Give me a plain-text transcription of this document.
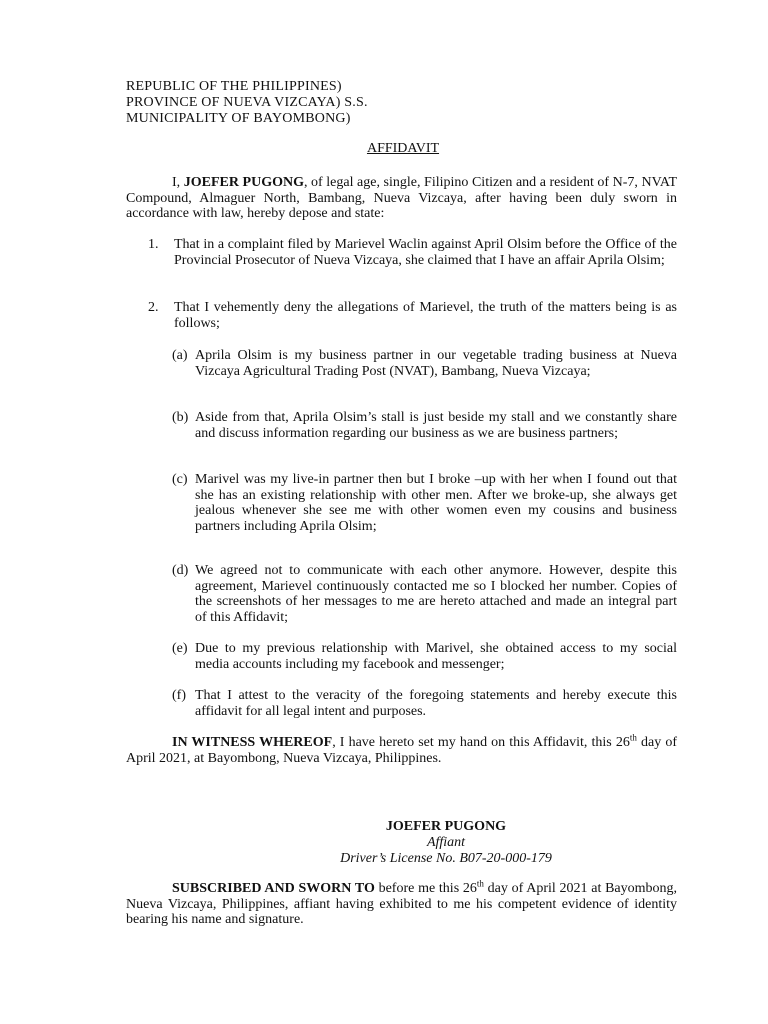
REPUBLIC OF THE PHILIPPINES)
PROVINCE OF NUEVA VIZCAYA) S.S.
MUNICIPALITY OF BAYOMBONG)
AFFIDAVIT
I, JOEFER PUGONG, of legal age, single, Filipino Citizen and a resident of N-7, NVAT Compound, Almaguer North, Bambang, Nueva Vizcaya, after having been duly sworn in accordance with law, hereby depose and state:
1. That in a complaint filed by Marievel Waclin against April Olsim before the Office of the Provincial Prosecutor of Nueva Vizcaya, she claimed that I have an affair Aprila Olsim;
2. That I vehemently deny the allegations of Marievel, the truth of the matters being is as follows;
(a) Aprila Olsim is my business partner in our vegetable trading business at Nueva Vizcaya Agricultural Trading Post (NVAT), Bambang, Nueva Vizcaya;
(b) Aside from that, Aprila Olsim’s stall is just beside my stall and we constantly share and discuss information regarding our business as we are business partners;
(c) Marivel was my live-in partner then but I broke –up with her when I found out that she has an existing relationship with other men. After we broke-up, she always get jealous whenever she see me with other women even my cousins and business partners including Aprila Olsim;
(d) We agreed not to communicate with each other anymore. However, despite this agreement, Marievel continuously contacted me so I blocked her number. Copies of the screenshots of her messages to me are hereto attached and made an integral part of this Affidavit;
(e) Due to my previous relationship with Marivel, she obtained access to my social media accounts including my facebook and messenger;
(f) That I attest to the veracity of the foregoing statements and hereby execute this affidavit for all legal intent and purposes.
IN WITNESS WHEREOF, I have hereto set my hand on this Affidavit, this 26th day of April 2021, at Bayombong, Nueva Vizcaya, Philippines.
JOEFER PUGONG
Affiant
Driver’s License No. B07-20-000-179
SUBSCRIBED AND SWORN TO before me this 26th day of April 2021 at Bayombong, Nueva Vizcaya, Philippines, affiant having exhibited to me his competent evidence of identity bearing his name and signature.
